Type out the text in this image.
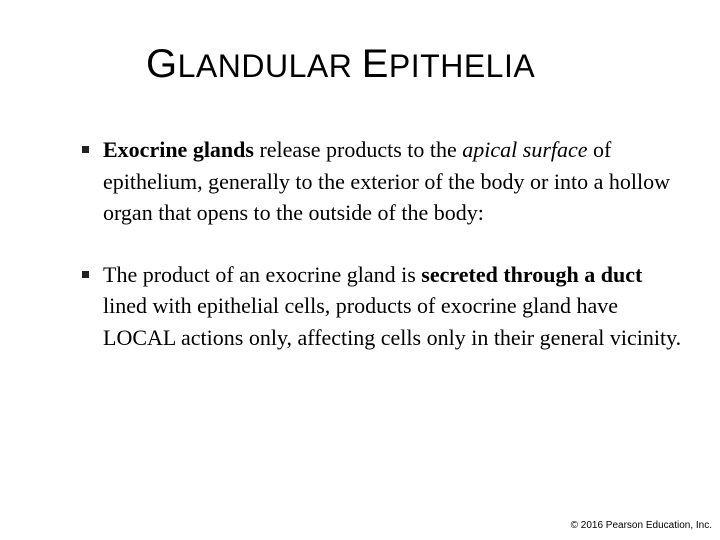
GLANDULAR EPITHELIA
Exocrine glands release products to the apical surface of epithelium, generally to the exterior of the body or into a hollow organ that opens to the outside of the body:
The product of an exocrine gland is secreted through a duct lined with epithelial cells, products of exocrine gland have LOCAL actions only, affecting cells only in their general vicinity.
© 2016 Pearson Education, Inc.
